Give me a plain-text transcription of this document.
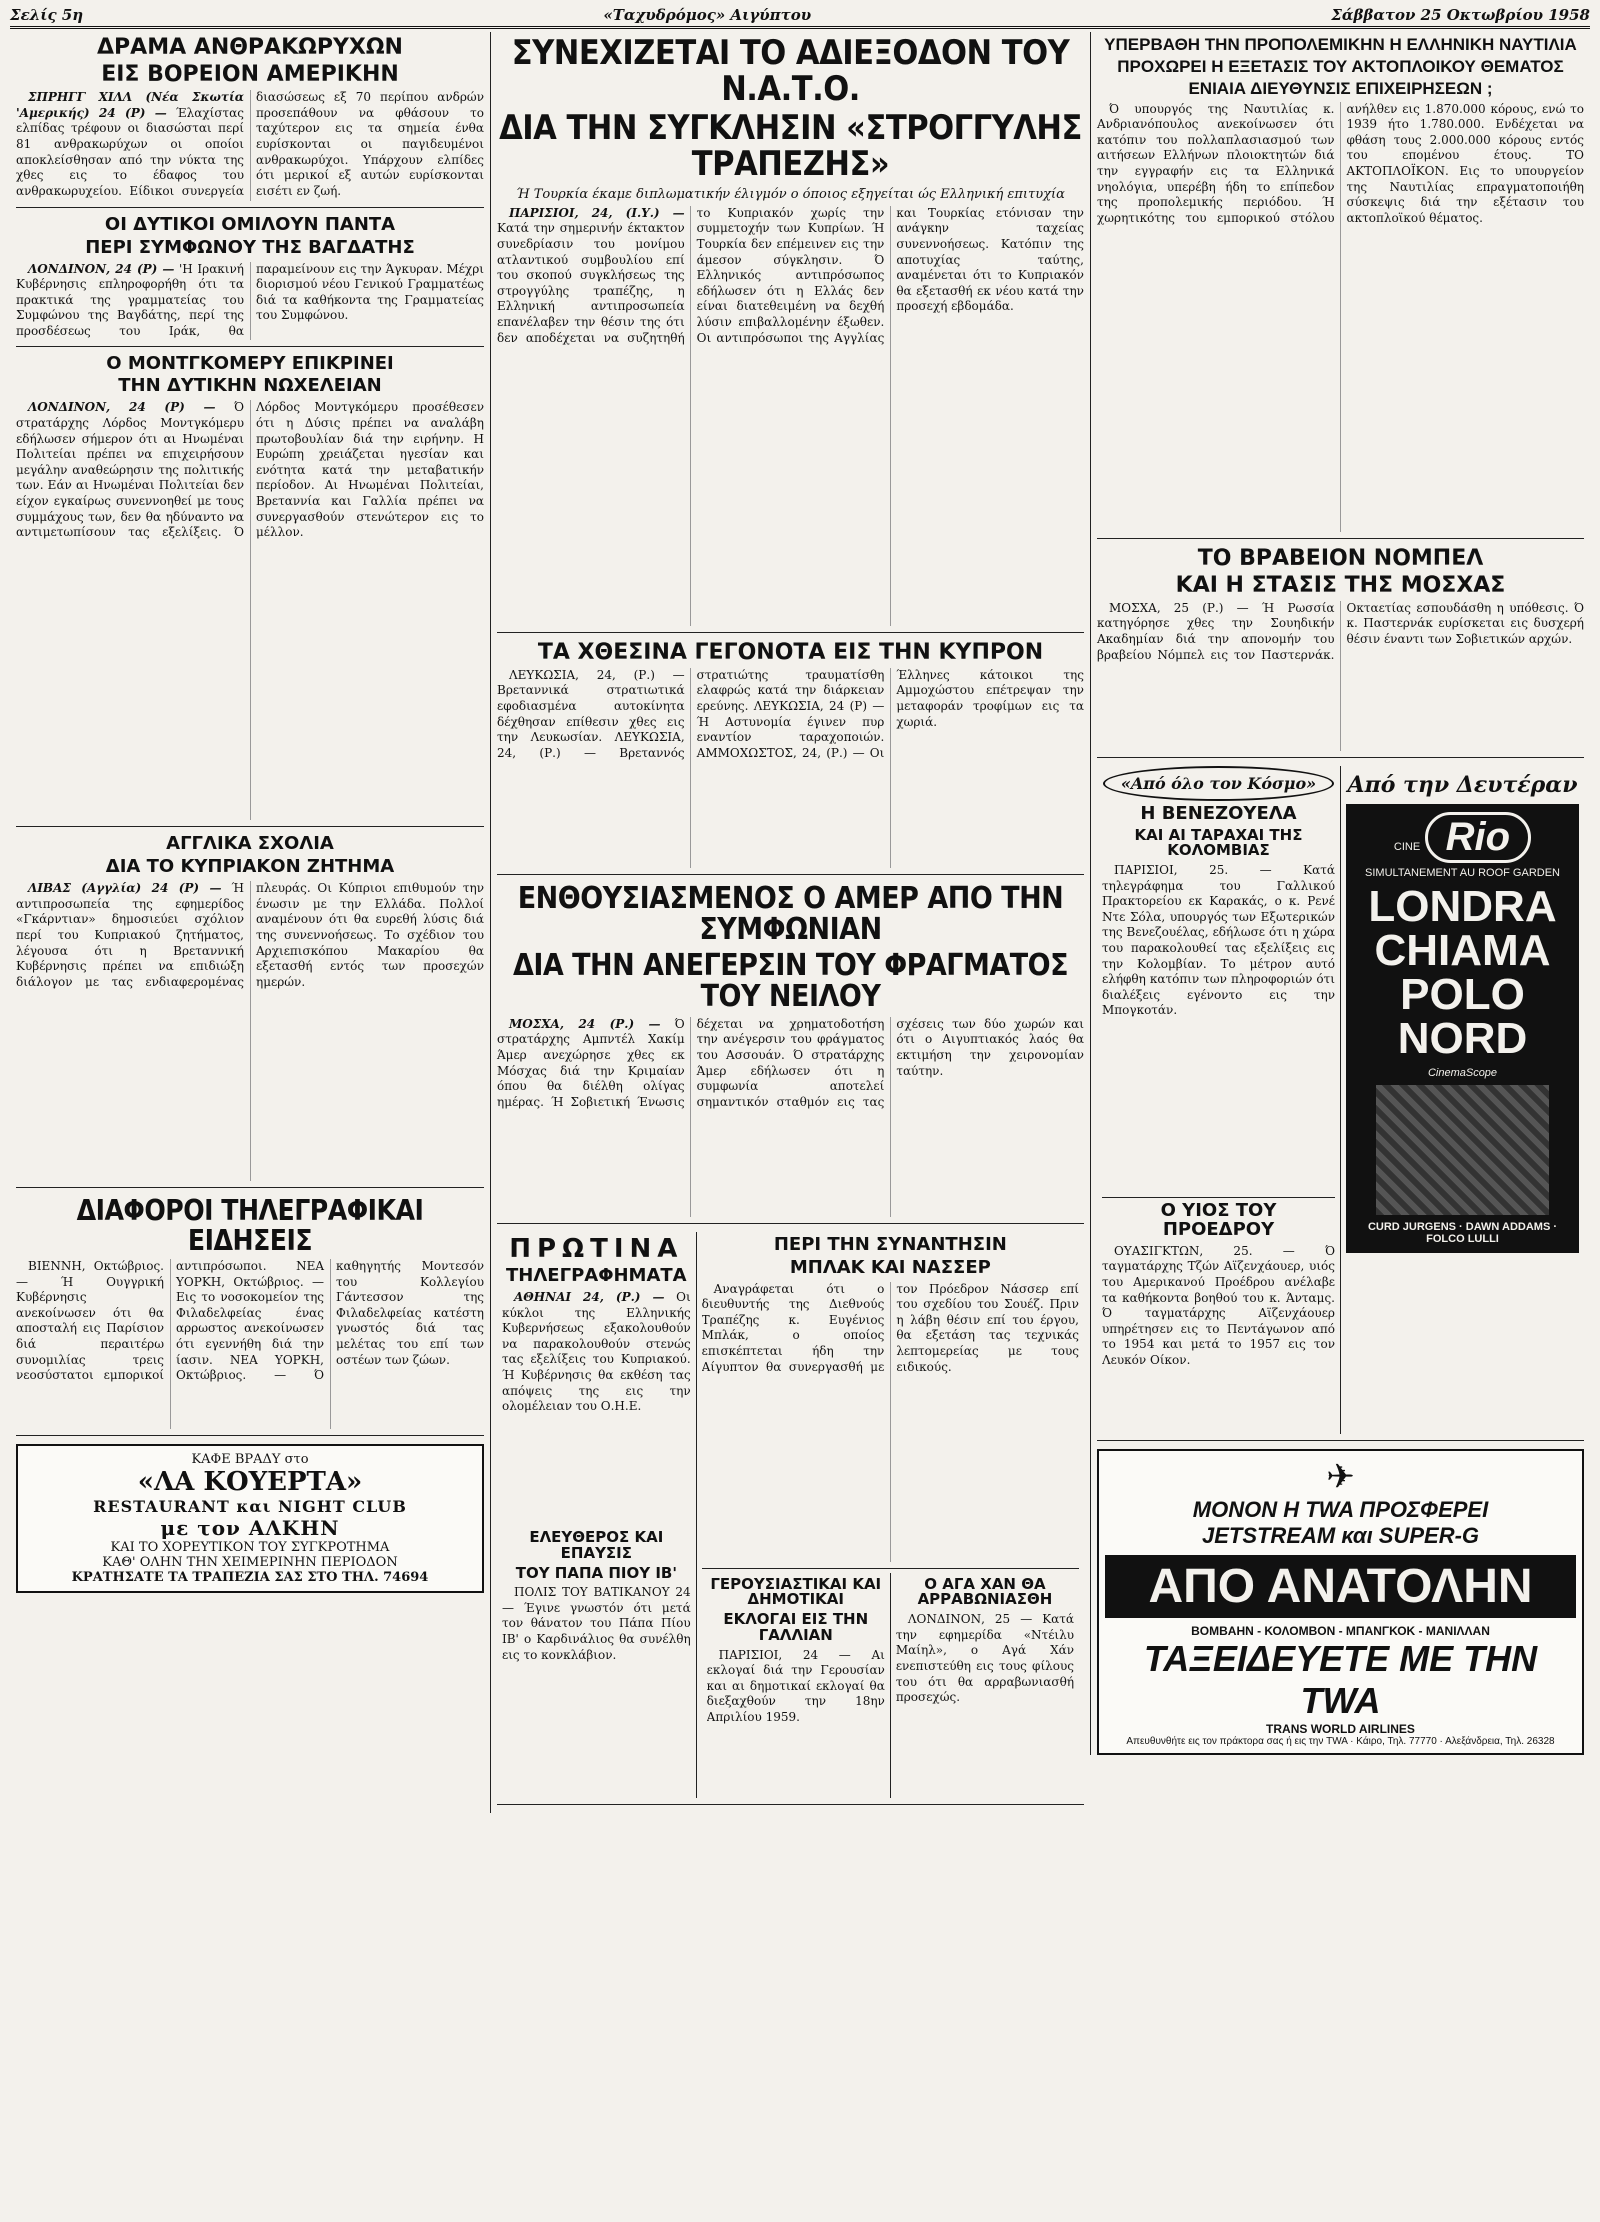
Σελίς 5η	«Ταχυδρόμος» Αιγύπτου	Σάββατον 25 Οκτωβρίου 1958
ΔΡΑΜΑ ΑΝΘΡΑΚΩΡΥΧΩΝ
ΕΙΣ ΒΟΡΕΙΟΝ ΑΜΕΡΙΚΗΝ

ΣΠΡΗΓΓ ΧΙΛΛ (Νέα Σκωτία 'Αμερικής) 24 (Ρ) — Έλαχίστας ελπίδας τρέφουν οι διασώσται περί 81 ανθρακωρύχων οι οποίοι αποκλείσθησαν από την νύκτα της χθες εις το έδαφος του ανθρακωρυχείου. Είδικοι συνεργεία διασώσεως εξ 70 περίπου ανδρών προσεπάθουν να φθάσουν το ταχύτερον εις τα σημεία ένθα ευρίσκονται οι παγιδευμένοι ανθρακωρύχοι. Υπάρχουν ελπίδες ότι μερικοί εξ αυτών ευρίσκονται εισέτι εν ζωή.

ΟΙ ΔΥΤΙΚΟΙ ΟΜΙΛΟΥΝ ΠΑΝΤΑ
ΠΕΡΙ ΣΥΜΦΩΝΟΥ ΤΗΣ ΒΑΓΔΑΤΗΣ

ΛΟΝΔΙΝΟΝ, 24 (Ρ) — 'Η Ιρακινή Κυβέρνησις επληροφορήθη ότι τα πρακτικά της γραμματείας του Συμφώνου της Βαγδάτης, περί της προσδέσεως του Ιράκ, θα παραμείνουν εις την Άγκυραν. Μέχρι διορισμού νέου Γενικού Γραμματέως διά τα καθήκοντα της Γραμματείας του Συμφώνου.

Ο ΜΟΝΤΓΚΟΜΕΡΥ ΕΠΙΚΡΙΝΕΙ
ΤΗΝ ΔΥΤΙΚΗΝ ΝΩΧΕΛΕΙΑΝ

ΛΟΝΔΙΝΟΝ, 24 (Ρ) — Ό στρατάρχης Λόρδος Μοντγκόμερυ εδήλωσεν σήμερον ότι αι Ηνωμέναι Πολιτείαι πρέπει να επιχειρήσουν μεγάλην αναθεώρησιν της πολιτικής των. Εάν αι Ηνωμέναι Πολιτείαι δεν είχον εγκαίρως συνεννοηθεί με τους συμμάχους των, δεν θα ηδύναντο να αντιμετωπίσουν τας εξελίξεις. Ό Λόρδος Μοντγκόμερυ προσέθεσεν ότι η Δύσις πρέπει να αναλάβη πρωτοβουλίαν διά την ειρήνην. Η Ευρώπη χρειάζεται ηγεσίαν και ενότητα κατά την μεταβατικήν περίοδον. Αι Ηνωμέναι Πολιτείαι, Βρεταννία και Γαλλία πρέπει να συνεργασθούν στενώτερον εις το μέλλον.

ΑΓΓΛΙΚΑ ΣΧΟΛΙΑ
ΔΙΑ ΤΟ ΚΥΠΡΙΑΚΟΝ ΖΗΤΗΜΑ

ΛΙΒΑΣ (Αγγλία) 24 (Ρ) — Ή αντιπροσωπεία της εφημερίδος «Γκάρντιαν» δημοσιεύει σχόλιον περί του Κυπριακού ζητήματος, λέγουσα ότι η Βρεταννική Κυβέρνησις πρέπει να επιδιώξη διάλογον με τας ενδιαφερομένας πλευράς. Οι Κύπριοι επιθυμούν την ένωσιν με την Ελλάδα. Πολλοί αναμένουν ότι θα ευρεθή λύσις διά της συνεννοήσεως. Το σχέδιον του Αρχιεπισκόπου Μακαρίου θα εξετασθή εντός των προσεχών ημερών.

ΔΙΑΦΟΡΟΙ ΤΗΛΕΓΡΑΦΙΚΑΙ ΕΙΔΗΣΕΙΣ

ΒΙΕΝΝΗ, Οκτώβριος. — Ή Ουγγρική Κυβέρνησις ανεκοίνωσεν ότι θα αποσταλή εις Παρίσιον διά περαιτέρω συνομιλίας τρεις νεοσύστατοι εμπορικοί αντιπρόσωποι. ΝΕΑ ΥΟΡΚΗ, Οκτώβριος. — Εις το νοσοκομείον της Φιλαδελφείας ένας αρρωστος ανεκοίνωσεν ότι εγεννήθη διά την ίασιν. ΝΕΑ ΥΟΡΚΗ, Οκτώβριος. — Ό καθηγητής Μοντεσόν του Κολλεγίου Γάντεσσον της Φιλαδελφείας κατέστη γνωστός διά τας μελέτας του επί των οστέων των ζώων.

ΚΑΦΕ ΒΡΑΔΥ στο
«ΛΑ ΚΟΥΕΡΤΑ»
RESTAURANT και NIGHT CLUB
με τον ΑΛΚΗΝ
ΚΑΙ ΤΟ ΧΟΡΕΥΤΙΚΟΝ ΤΟΥ ΣΥΓΚΡΟΤΗΜΑ
ΚΑΘ' ΟΛΗΝ ΤΗΝ ΧΕΙΜΕΡΙΝΗΝ ΠΕΡΙΟΔΟΝ
ΚΡΑΤΗΣΑΤΕ ΤΑ ΤΡΑΠΕΖΙΑ ΣΑΣ ΣΤΟ ΤΗΛ. 74694
ΣΥΝΕΧΙΖΕΤΑΙ ΤΟ ΑΔΙΕΞΟΔΟΝ ΤΟΥ Ν.Α.Τ.Ο.
ΔΙΑ ΤΗΝ ΣΥΓΚΛΗΣΙΝ «ΣΤΡΟΓΓΥΛΗΣ ΤΡΑΠΕΖΗΣ»
Ή Τουρκία έκαμε διπλωματικήν έλιγμόν ο όποιος εξηγείται ώς Ελληνική επιτυχία

ΠΑΡΙΣΙΟΙ, 24, (Ι.Υ.) — Κατά την σημερινήν έκτακτον συνεδρίασιν του μονίμου ατλαντικού συμβουλίου επί του σκοπού συγκλήσεως της στρογγύλης τραπέζης, η Ελληνική αντιπροσωπεία επανέλαβεν την θέσιν της ότι δεν αποδέχεται να συζητηθή το Κυπριακόν χωρίς την συμμετοχήν των Κυπρίων. Ή Τουρκία δεν επέμεινεν εις την άμεσον σύγκλησιν. Ό Ελληνικός αντιπρόσωπος εδήλωσεν ότι η Ελλάς δεν είναι διατεθειμένη να δεχθή λύσιν επιβαλλομένην έξωθεν. Οι αντιπρόσωποι της Αγγλίας και Τουρκίας ετόνισαν την ανάγκην ταχείας συνεννοήσεως. Κατόπιν της αποτυχίας ταύτης, αναμένεται ότι το Κυπριακόν θα εξετασθή εκ νέου κατά την προσεχή εβδομάδα.

ΤΑ ΧΘΕΣΙΝΑ ΓΕΓΟΝΟΤΑ ΕΙΣ ΤΗΝ ΚΥΠΡΟΝ

ΛΕΥΚΩΣΙΑ, 24, (Ρ.) — Βρεταννικά στρατιωτικά εφοδιασμένα αυτοκίνητα δέχθησαν επίθεσιν χθες εις την Λευκωσίαν. ΛΕΥΚΩΣΙΑ, 24, (Ρ.) — Βρεταννός στρατιώτης τραυματίσθη ελαφρώς κατά την διάρκειαν ερεύνης. ΛΕΥΚΩΣΙΑ, 24 (Ρ) — Ή Αστυνομία έγινεν πυρ εναντίον ταραχοποιών. ΑΜΜΟΧΩΣΤΟΣ, 24, (Ρ.) — Οι Έλληνες κάτοικοι της Αμμοχώστου επέτρεψαν την μεταφοράν τροφίμων εις τα χωριά.

ΕΝΘΟΥΣΙΑΣΜΕΝΟΣ Ο ΑΜΕΡ ΑΠΟ ΤΗΝ ΣΥΜΦΩΝΙΑΝ
ΔΙΑ ΤΗΝ ΑΝΕΓΕΡΣΙΝ ΤΟΥ ΦΡΑΓΜΑΤΟΣ ΤΟΥ ΝΕΙΛΟΥ

ΜΟΣΧΑ, 24 (Ρ.) — Ό στρατάρχης Αμπντέλ Χακίμ Άμερ ανεχώρησε χθες εκ Μόσχας διά την Κριμαίαν όπου θα διέλθη ολίγας ημέρας. Ή Σοβιετική Ένωσις δέχεται να χρηματοδοτήση την ανέγερσιν του φράγματος του Ασσουάν. Ό στρατάρχης Άμερ εδήλωσεν ότι η συμφωνία αποτελεί σημαντικόν σταθμόν εις τας σχέσεις των δύο χωρών και ότι ο Αιγυπτιακός λαός θα εκτιμήση την χειρονομίαν ταύτην.

ΠΡΩΤΙΝΑ
ΤΗΛΕΓΡΑΦΗΜΑΤΑ

ΑΘΗΝΑΙ 24, (Ρ.) — Οι κύκλοι της Ελληνικής Κυβερνήσεως εξακολουθούν να παρακολουθούν στενώς τας εξελίξεις του Κυπριακού. Ή Κυβέρνησις θα εκθέση τας απόψεις της εις την ολομέλειαν του Ο.Η.Ε.

ΕΛΕΥΘΕΡΟΣ ΚΑΙ ΕΠΑΥΣΙΣ
ΤΟΥ ΠΑΠΑ ΠΙΟΥ ΙΒ'

ΠΟΛΙΣ ΤΟΥ ΒΑΤΙΚΑΝΟΥ 24 — Έγινε γνωστόν ότι μετά τον θάνατον του Πάπα Πίου ΙΒ' ο Καρδινάλιος θα συνέλθη εις το κονκλάβιον.

ΠΕΡΙ ΤΗΝ ΣΥΝΑΝΤΗΣΙΝ
ΜΠΛΑΚ ΚΑΙ ΝΑΣΣΕΡ

Αναγράφεται ότι ο διευθυντής της Διεθνούς Τραπέζης κ. Ευγένιος Μπλάκ, ο οποίος επισκέπτεται ήδη την Αίγυπτον θα συνεργασθή με τον Πρόεδρον Νάσσερ επί του σχεδίου του Σουέζ. Πριν η λάβη θέσιν επί του έργου, θα εξετάση τας τεχνικάς λεπτομερείας με τους ειδικούς.

ΓΕΡΟΥΣΙΑΣΤΙΚΑΙ ΚΑΙ ΔΗΜΟΤΙΚΑΙ
ΕΚΛΟΓΑΙ ΕΙΣ ΤΗΝ ΓΑΛΛΙΑΝ

ΠΑΡΙΣΙΟΙ, 24 — Αι εκλογαί διά την Γερουσίαν και αι δημοτικαί εκλογαί θα διεξαχθούν την 18ην Απριλίου 1959.

Ο ΑΓΑ ΧΑΝ ΘΑ ΑΡΡΑΒΩΝΙΑΣΘΗ

ΛΟΝΔΙΝΟΝ, 25 — Κατά την εφημερίδα «Ντέιλυ Μαίηλ», ο Αγά Χάν ενεπιστεύθη εις τους φίλους του ότι θα αρραβωνιασθή προσεχώς.

ΥΠΕΡΒΑΘΗ ΤΗΝ ΠΡΟΠΟΛΕΜΙΚΗΝ Η ΕΛΛΗΝΙΚΗ ΝΑΥΤΙΛΙΑ
ΠΡΟΧΩΡΕΙ Η ΕΞΕΤΑΣΙΣ ΤΟΥ ΑΚΤΟΠΛΟΙΚΟΥ ΘΕΜΑΤΟΣ
ΕΝΙΑΙΑ ΔΙΕΥΘΥΝΣΙΣ ΕΠΙΧΕΙΡΗΣΕΩΝ ;

Ό υπουργός της Ναυτιλίας κ. Ανδριανόπουλος ανεκοίνωσεν ότι κατόπιν του πολλαπλασιασμού των αιτήσεων Ελλήνων πλοιοκτητών διά την εγγραφήν εις τα Ελληνικά νηολόγια, υπερέβη ήδη το επίπεδον της προπολεμικής περιόδου. Ή χωρητικότης του εμπορικού στόλου ανήλθεν εις 1.870.000 κόρους, ενώ το 1939 ήτο 1.780.000. Ενδέχεται να φθάση τους 2.000.000 κόρους εντός του επομένου έτους. ΤΟ ΑΚΤΟΠΛΟΪΚΟΝ. Εις το υπουργείον της Ναυτιλίας επραγματοποιήθη σύσκεψις διά την εξέτασιν του ακτοπλοϊκού θέματος.

ΤΟ ΒΡΑΒΕΙΟΝ ΝΟΜΠΕΛ
ΚΑΙ Η ΣΤΑΣΙΣ ΤΗΣ ΜΟΣΧΑΣ

ΜΟΣΧΑ, 25 (Ρ.) — Ή Ρωσσία κατηγόρησε χθες την Σουηδικήν Ακαδημίαν διά την απονομήν του βραβείου Νόμπελ εις τον Παστερνάκ. Οκταετίας εσπουδάσθη η υπόθεσις. Ό κ. Παστερνάκ ευρίσκεται εις δυσχερή θέσιν έναντι των Σοβιετικών αρχών.

«Από όλο τον Κόσμο»
Η ΒΕΝΕΖΟΥΕΛΑ
ΚΑΙ ΑΙ ΤΑΡΑΧΑΙ ΤΗΣ ΚΟΛΟΜΒΙΑΣ

ΠΑΡΙΣΙΟΙ, 25. — Κατά τηλεγράφημα του Γαλλικού Πρακτορείου εκ Καρακάς, ο κ. Ρενέ Ντε Σόλα, υπουργός των Εξωτερικών της Βενεζουέλας, εδήλωσε ότι η χώρα του παρακολουθεί τας εξελίξεις εις την Κολομβίαν. Το μέτρον αυτό ελήφθη κατόπιν των πληροφοριών ότι διαλέξεις εγένοντο εις την Μπογκοτάν.

Ο ΥΙΟΣ ΤΟΥ ΠΡΟΕΔΡΟΥ

ΟΥΑΣΙΓΚΤΩΝ, 25. — Ό ταγματάρχης Τζών Αϊζενχάουερ, υιός του Αμερικανού Προέδρου ανέλαβε τα καθήκοντα βοηθού του κ. Άνταμς. Ό ταγματάρχης Αϊζενχάουερ υπηρέτησεν εις το Πεντάγωνον από το 1954 και μετά το 1957 εις τον Λευκόν Οίκον.

Από την Δευτέραν
CINE Rio
SIMULTANEMENT AU ROOF GARDEN
LONDRA CHIAMA POLO NORD
CinemaScope
CURD JURGENS · DAWN ADDAMS · FOLCO LULLI
✈
ΜΟΝΟΝ Η TWA ΠΡΟΣΦΕΡΕΙ
JETSTREAM και SUPER-G
ΑΠΟ ΑΝΑΤΟΛΗΝ
ΒΟΜΒΑΗΝ - ΚΟΛΟΜΒΟΝ - ΜΠΑΝΓΚΟΚ - ΜΑΝΙΛΛΑΝ
ΤΑΞΕΙΔΕΥΕΤΕ ΜΕ ΤΗΝ TWA
TRANS WORLD AIRLINES
Απευθυνθήτε εις τον πράκτορα σας ή εις την TWA · Κάιρο, Τηλ. 77770 · Αλεξάνδρεια, Τηλ. 26328
